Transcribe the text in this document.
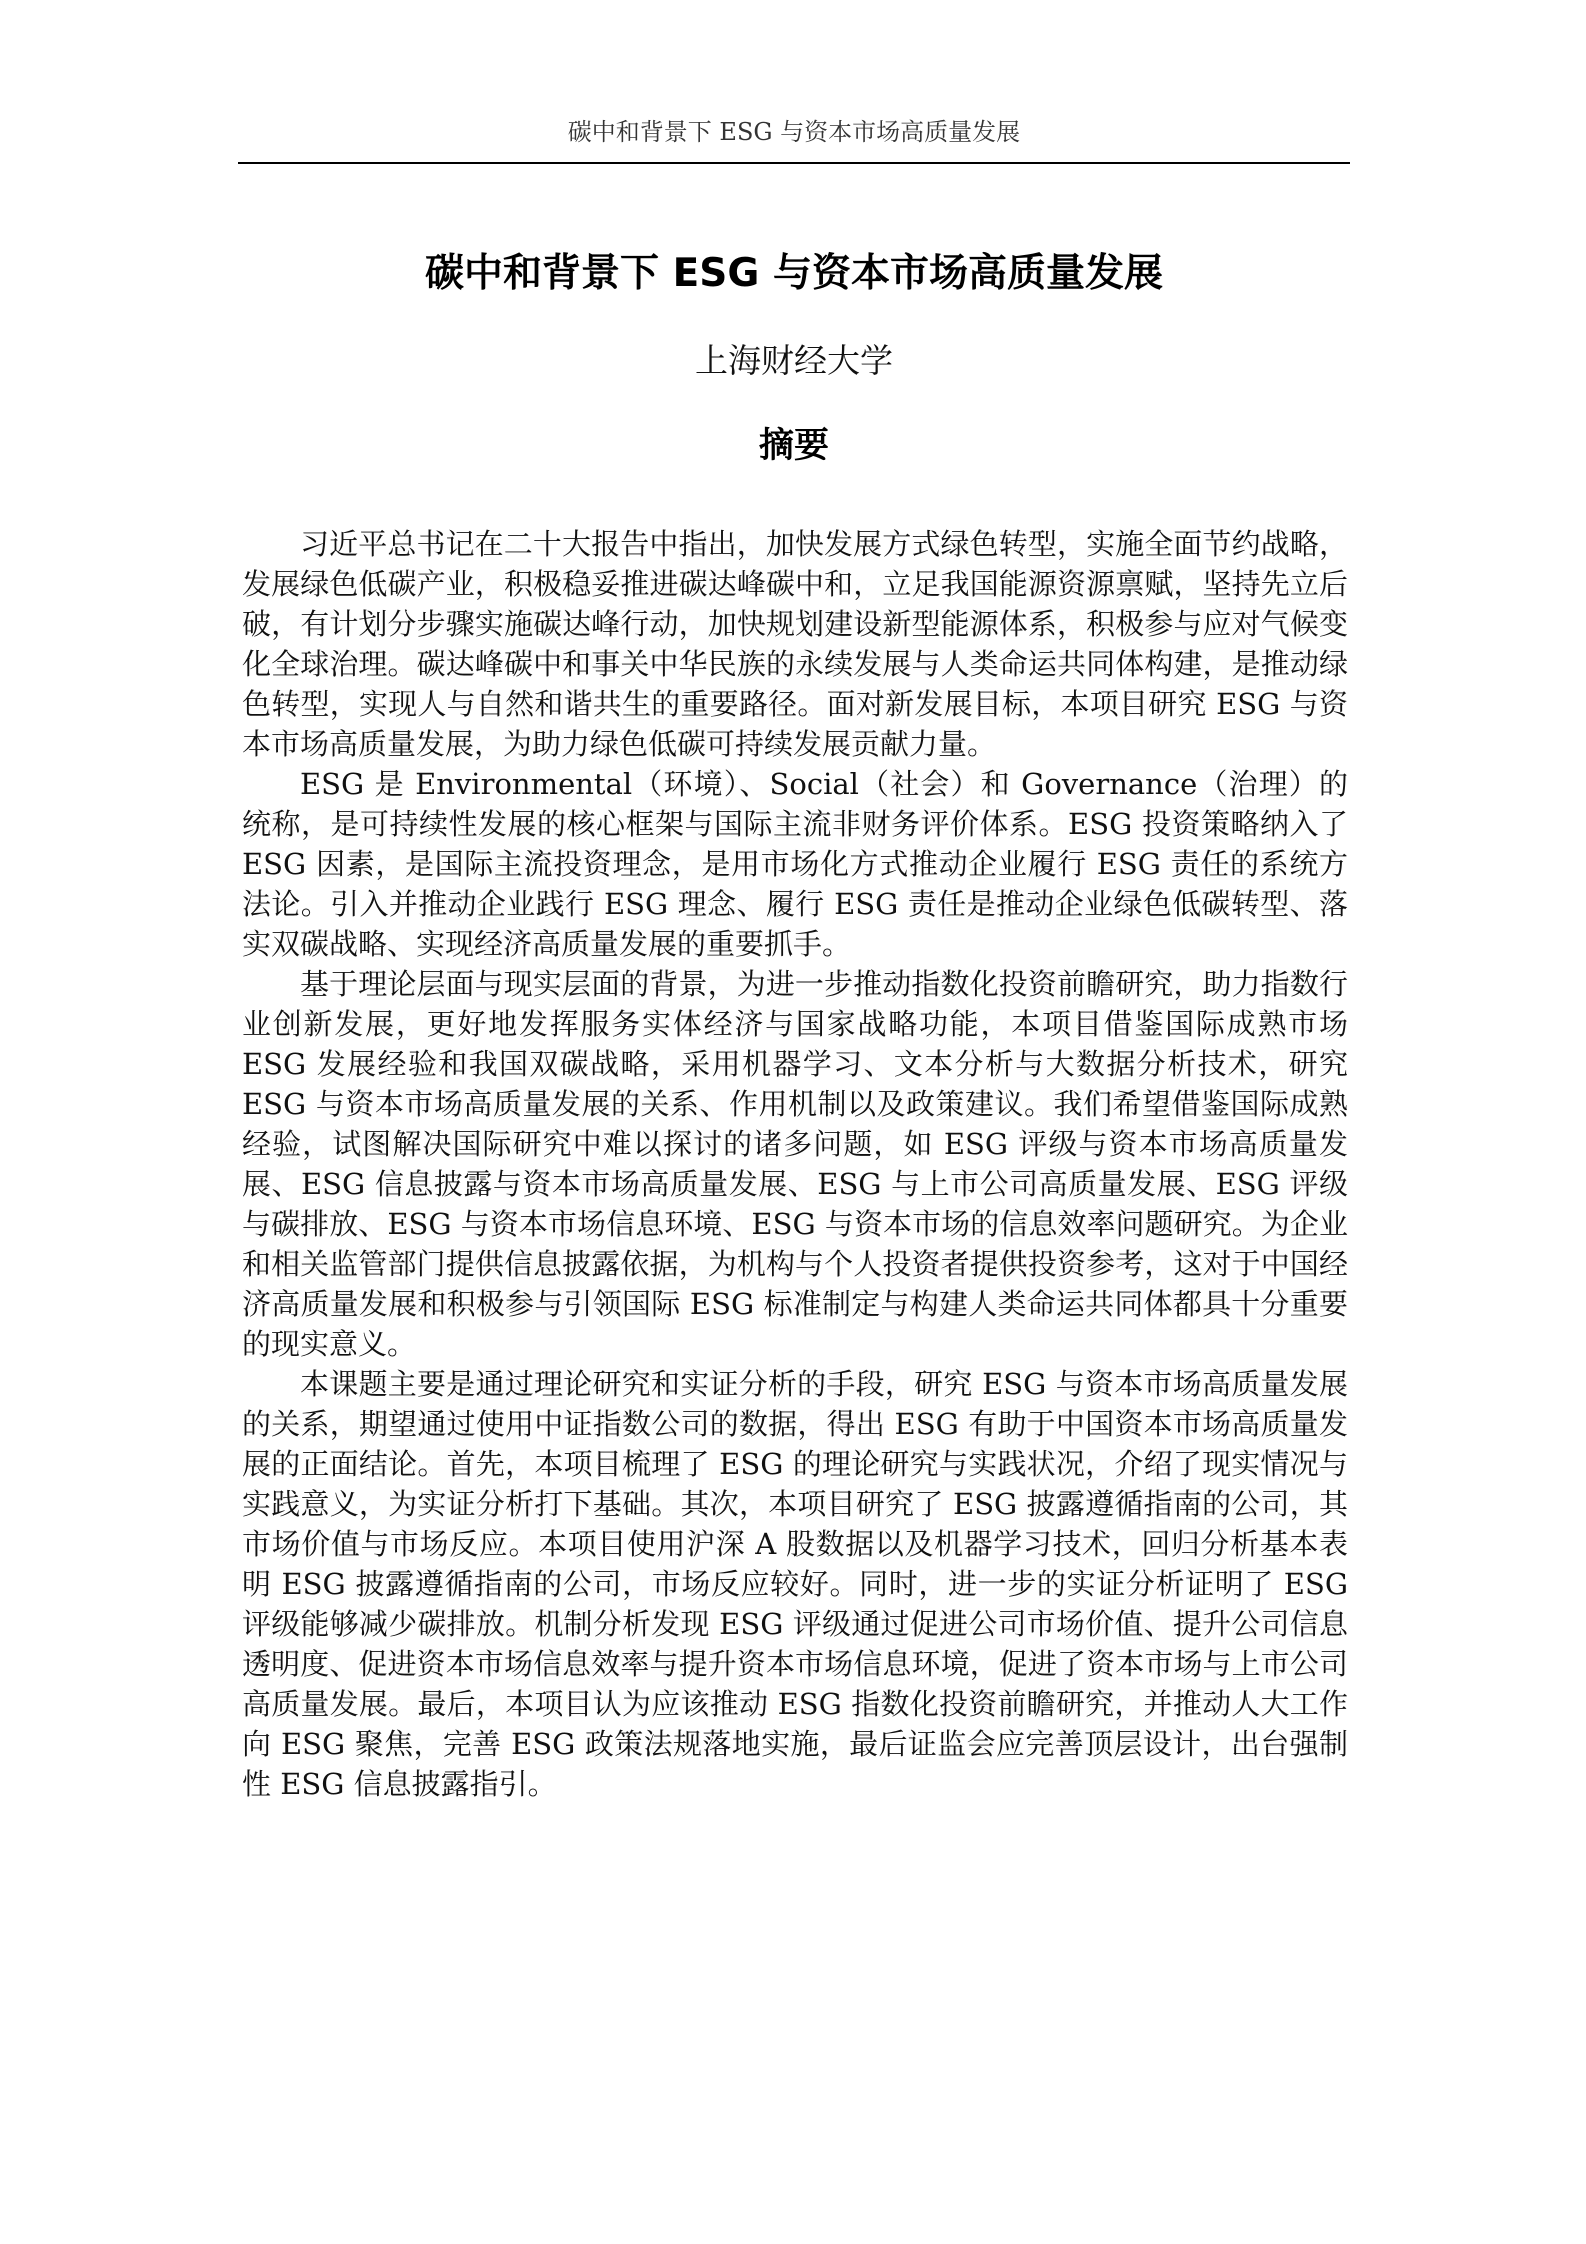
碳中和背景下 ESG 与资本市场高质量发展
碳中和背景下 ESG 与资本市场高质量发展
上海财经大学
摘要

习近平总书记在二十大报告中指出，加快发展方式绿色转型，实施全面节约战略，发展绿色低碳产业，积极稳妥推进碳达峰碳中和，立足我国能源资源禀赋，坚持先立后破，有计划分步骤实施碳达峰行动，加快规划建设新型能源体系，积极参与应对气候变化全球治理。碳达峰碳中和事关中华民族的永续发展与人类命运共同体构建，是推动绿色转型，实现人与自然和谐共生的重要路径。面对新发展目标，本项目研究 ESG 与资本市场高质量发展，为助力绿色低碳可持续发展贡献力量。

ESG 是 Environmental（环境）、Social（社会）和 Governance（治理）的统称，是可持续性发展的核心框架与国际主流非财务评价体系。ESG 投资策略纳入了 ESG 因素，是国际主流投资理念，是用市场化方式推动企业履行 ESG 责任的系统方法论。引入并推动企业践行 ESG 理念、履行 ESG 责任是推动企业绿色低碳转型、落实双碳战略、实现经济高质量发展的重要抓手。

基于理论层面与现实层面的背景，为进一步推动指数化投资前瞻研究，助力指数行业创新发展，更好地发挥服务实体经济与国家战略功能，本项目借鉴国际成熟市场 ESG 发展经验和我国双碳战略，采用机器学习、文本分析与大数据分析技术，研究 ESG 与资本市场高质量发展的关系、作用机制以及政策建议。我们希望借鉴国际成熟经验，试图解决国际研究中难以探讨的诸多问题，如 ESG 评级与资本市场高质量发展、ESG 信息披露与资本市场高质量发展、ESG 与上市公司高质量发展、ESG 评级与碳排放、ESG 与资本市场信息环境、ESG 与资本市场的信息效率问题研究。为企业和相关监管部门提供信息披露依据，为机构与个人投资者提供投资参考，这对于中国经济高质量发展和积极参与引领国际 ESG 标准制定与构建人类命运共同体都具十分重要的现实意义。

本课题主要是通过理论研究和实证分析的手段，研究 ESG 与资本市场高质量发展的关系，期望通过使用中证指数公司的数据，得出 ESG 有助于中国资本市场高质量发展的正面结论。首先，本项目梳理了 ESG 的理论研究与实践状况，介绍了现实情况与实践意义，为实证分析打下基础。其次，本项目研究了 ESG 披露遵循指南的公司，其市场价值与市场反应。本项目使用沪深 A 股数据以及机器学习技术，回归分析基本表明 ESG 披露遵循指南的公司，市场反应较好。同时，进一步的实证分析证明了 ESG 评级能够减少碳排放。机制分析发现 ESG 评级通过促进公司市场价值、提升公司信息透明度、促进资本市场信息效率与提升资本市场信息环境，促进了资本市场与上市公司高质量发展。最后，本项目认为应该推动 ESG 指数化投资前瞻研究，并推动人大工作向 ESG 聚焦，完善 ESG 政策法规落地实施，最后证监会应完善顶层设计，出台强制性 ESG 信息披露指引。
